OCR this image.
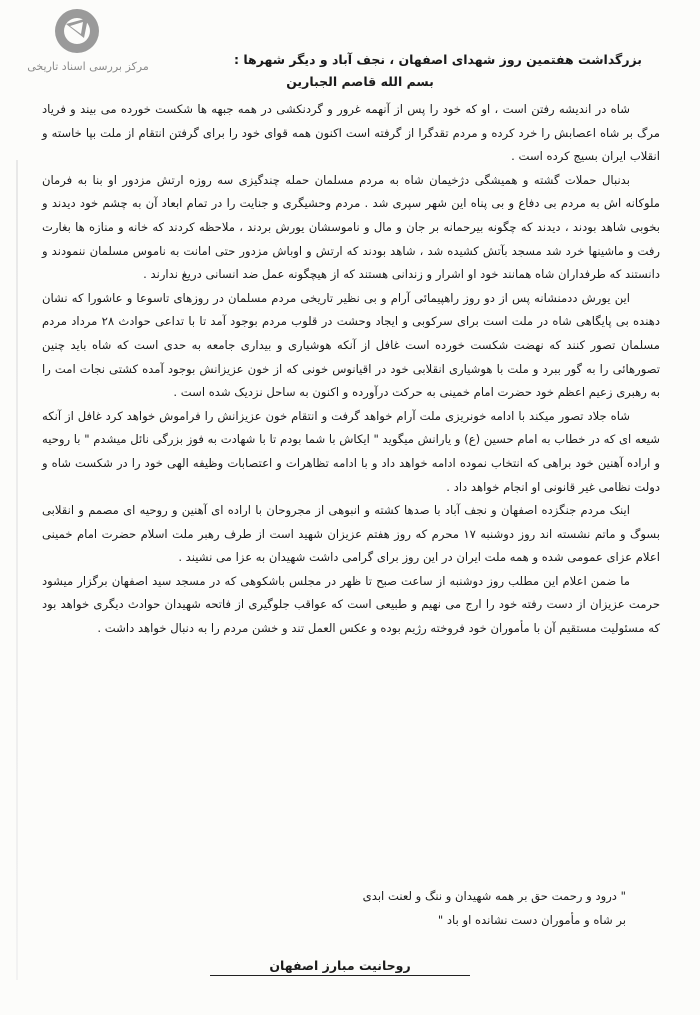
مرکز بررسی اسناد تاریخی	بزرگداشت هفتمین روز شهدای اصفهان ، نجف آباد و دیگر شهرها :
بسم الله قاصم الجبارین

شاه در اندیشه رفتن است ، او که خود را پس از آنهمه غرور و گردنکشی در همه جبهه ها شکست خورده می بیند و فریاد مرگ بر شاه اعصابش را خرد کرده و مردم تقدگرا از گرفته است اکنون همه قوای خود را برای گرفتن انتقام از ملت بپا خاسته و انقلاب ایران بسیج کرده است .

بدنبال حملات گشته و همیشگی دژخیمان شاه به مردم مسلمان حمله چندگیزی سه روزه ارتش مزدور او بنا به فرمان ملوکانه اش به مردم بی دفاع و بی پناه این شهر سپری شد . مردم وحشیگری و جنایت را در تمام ابعاد آن به چشم خود دیدند و بخوبی شاهد بودند ، دیدند که چگونه بیرحمانه بر جان و مال و ناموسشان یورش بردند ، ملاحظه کردند که خانه و منازه ها بغارت رفت و ماشینها خرد شد مسجد بآتش کشیده شد ، شاهد بودند که ارتش و اوباش مزدور حتی امانت به ناموس مسلمان ننمودند و دانستند که طرفداران شاه همانند خود او اشرار و زندانی هستند که از هیچگونه عمل ضد انسانی دریغ ندارند .

این یورش ددمنشانه پس از دو روز راهپیمائی آرام و بی نظیر تاریخی مردم مسلمان در روزهای تاسوعا و عاشورا که نشان دهنده بی پایگاهی شاه در ملت است برای سرکوبی و ایجاد وحشت در قلوب مردم بوجود آمد تا با تداعی حوادث ۲۸ مرداد مردم مسلمان تصور کنند که نهضت شکست خورده است غافل از آنکه هوشیاری و بیداری جامعه به حدی است که شاه باید چنین تصورهائی را به گور ببرد و ملت با هوشیاری انقلابی خود در اقیانوس خونی که از خون عزیزانش بوجود آمده کشتی نجات امت را به رهبری زعیم اعظم خود حضرت امام خمینی به حرکت درآورده و اکنون به ساحل نزدیک شده است .

شاه جلاد تصور میکند با ادامه خونریزی ملت آرام خواهد گرفت و انتقام خون عزیزانش را فراموش خواهد کرد غافل از آنکه شیعه ای که در خطاب به امام حسین (ع) و یارانش میگوید " ایکاش با شما بودم تا با شهادت به فوز بزرگی نائل میشدم " با روحیه و اراده آهنین خود براهی که انتخاب نموده ادامه خواهد داد و با ادامه تظاهرات و اعتصابات وظیفه الهی خود را در شکست شاه و دولت نظامی غیر قانونی او انجام خواهد داد .

اینک مردم جنگزده اصفهان و نجف آباد با صدها کشته و انبوهی از مجروحان با اراده ای آهنین و روحیه ای مصمم و انقلابی بسوگ و ماتم نشسته اند روز دوشنبه ۱۷ محرم که روز هفتم عزیزان شهید است از طرف رهبر ملت اسلام حضرت امام خمینی اعلام عزای عمومی شده و همه ملت ایران در این روز برای گرامی داشت شهیدان به عزا می نشیند .

ما ضمن اعلام این مطلب روز دوشنبه از ساعت صبح تا ظهر در مجلس باشکوهی که در مسجد سید اصفهان برگزار میشود حرمت عزیزان از دست رفته خود را ارج می نهیم و طبیعی است که عواقب جلوگیری از فاتحه شهیدان حوادث دیگری خواهد بود که مسئولیت مستقیم آن با مأموران خود فروخته رژیم بوده و عکس العمل تند و خشن مردم را به دنبال خواهد داشت .

" درود و رحمت حق بر همه شهیدان و ننگ و لعنت ابدی
بر شاه و مأموران دست نشانده او باد "
روحانیت مبارز اصفهان
